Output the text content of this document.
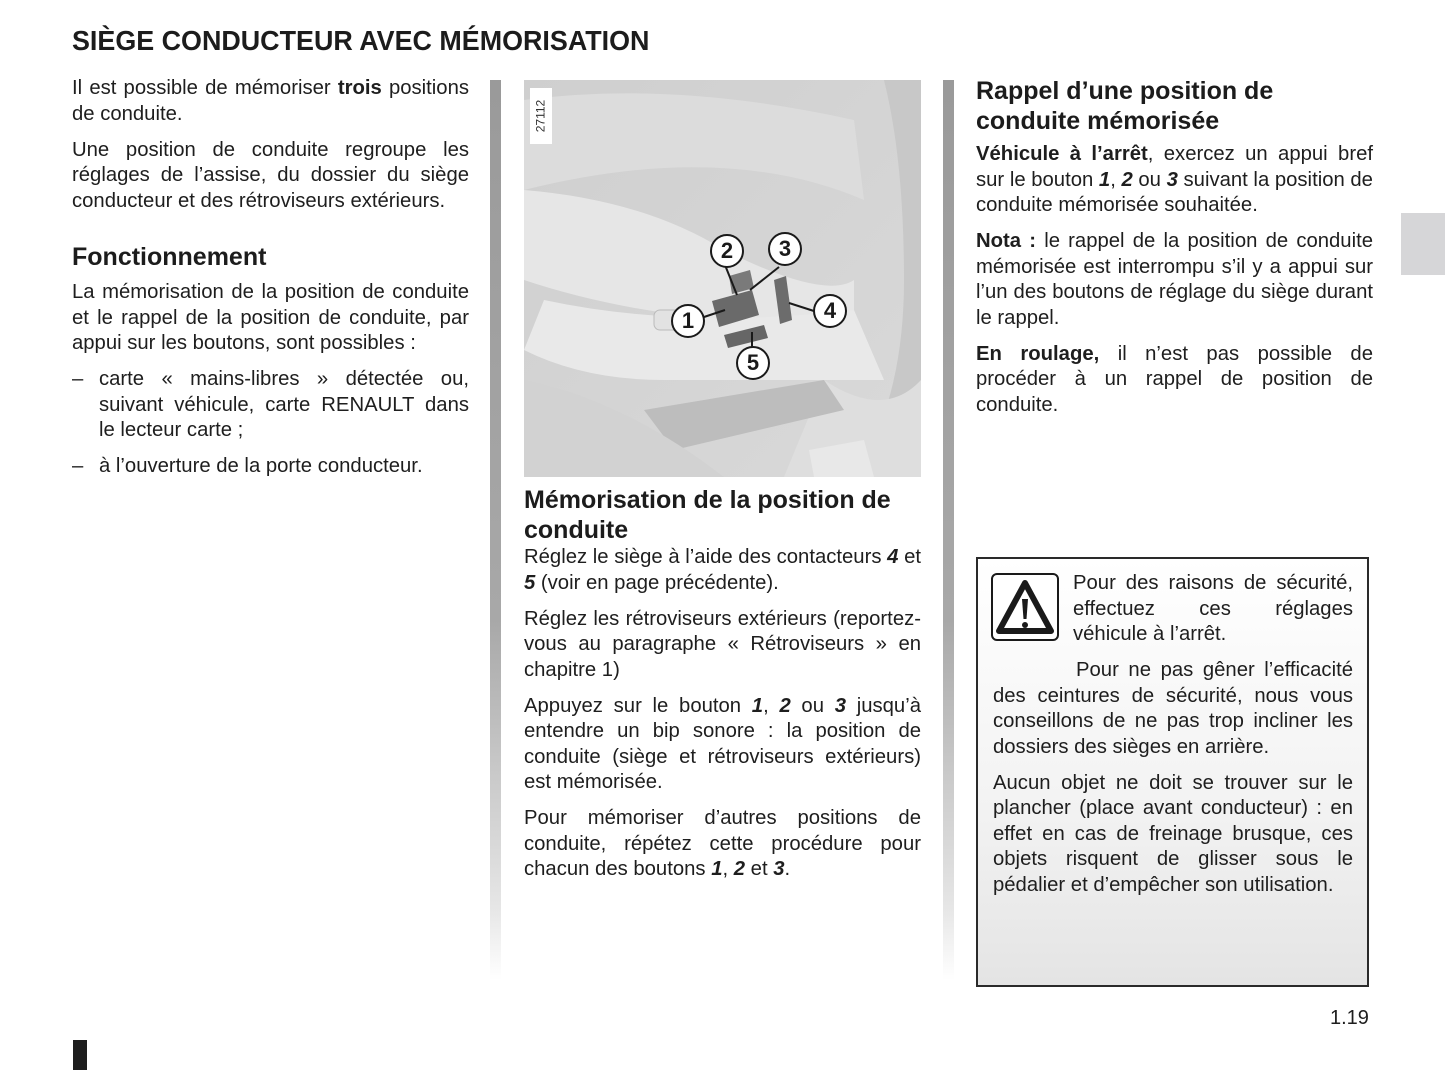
SIÈGE CONDUCTEUR AVEC MÉMORISATION

Il est possible de mémoriser trois positions de conduite.

Une position de conduite regroupe les réglages de l’assise, du dossier du siège conducteur et des rétroviseurs extérieurs.

Fonctionnement

La mémorisation de la position de conduite et le rappel de la position de conduite, par appui sur les boutons, sont possibles :

– carte « mains-libres » détectée ou, suivant véhicule, carte RENAULT dans le lecteur carte ;
– à l’ouverture de la porte conducteur.
27112
1
2	3
4
5
Mémorisation de la position de conduite

Réglez le siège à l’aide des contacteurs 4 et 5 (voir en page précédente).

Réglez les rétroviseurs extérieurs (reportez-vous au paragraphe « Rétroviseurs » en chapitre 1)

Appuyez sur le bouton 1, 2 ou 3 jusqu’à entendre un bip sonore : la position de conduite (siège et rétroviseurs extérieurs) est mémorisée.

Pour mémoriser d’autres positions de conduite, répétez cette procédure pour chacun des boutons 1, 2 et 3.

Rappel d’une position de conduite mémorisée

Véhicule à l’arrêt, exercez un appui bref sur le bouton 1, 2 ou 3 suivant la position de conduite mémorisée souhaitée.

Nota : le rappel de la position de conduite mémorisée est interrompu s’il y a appui sur l’un des boutons de réglage du siège durant le rappel.

En roulage, il n’est pas possible de procéder à un rappel de position de conduite.

Pour des raisons de sécurité, effectuez ces réglages véhicule à l’arrêt.

Pour ne pas gêner l’efficacité des ceintures de sécurité, nous vous conseillons de ne pas trop incliner les dossiers des sièges en arrière.

Aucun objet ne doit se trouver sur le plancher (place avant conducteur) : en effet en cas de freinage brusque, ces objets risquent de glisser sous le pédalier et d’empêcher son utilisation.

1.19
